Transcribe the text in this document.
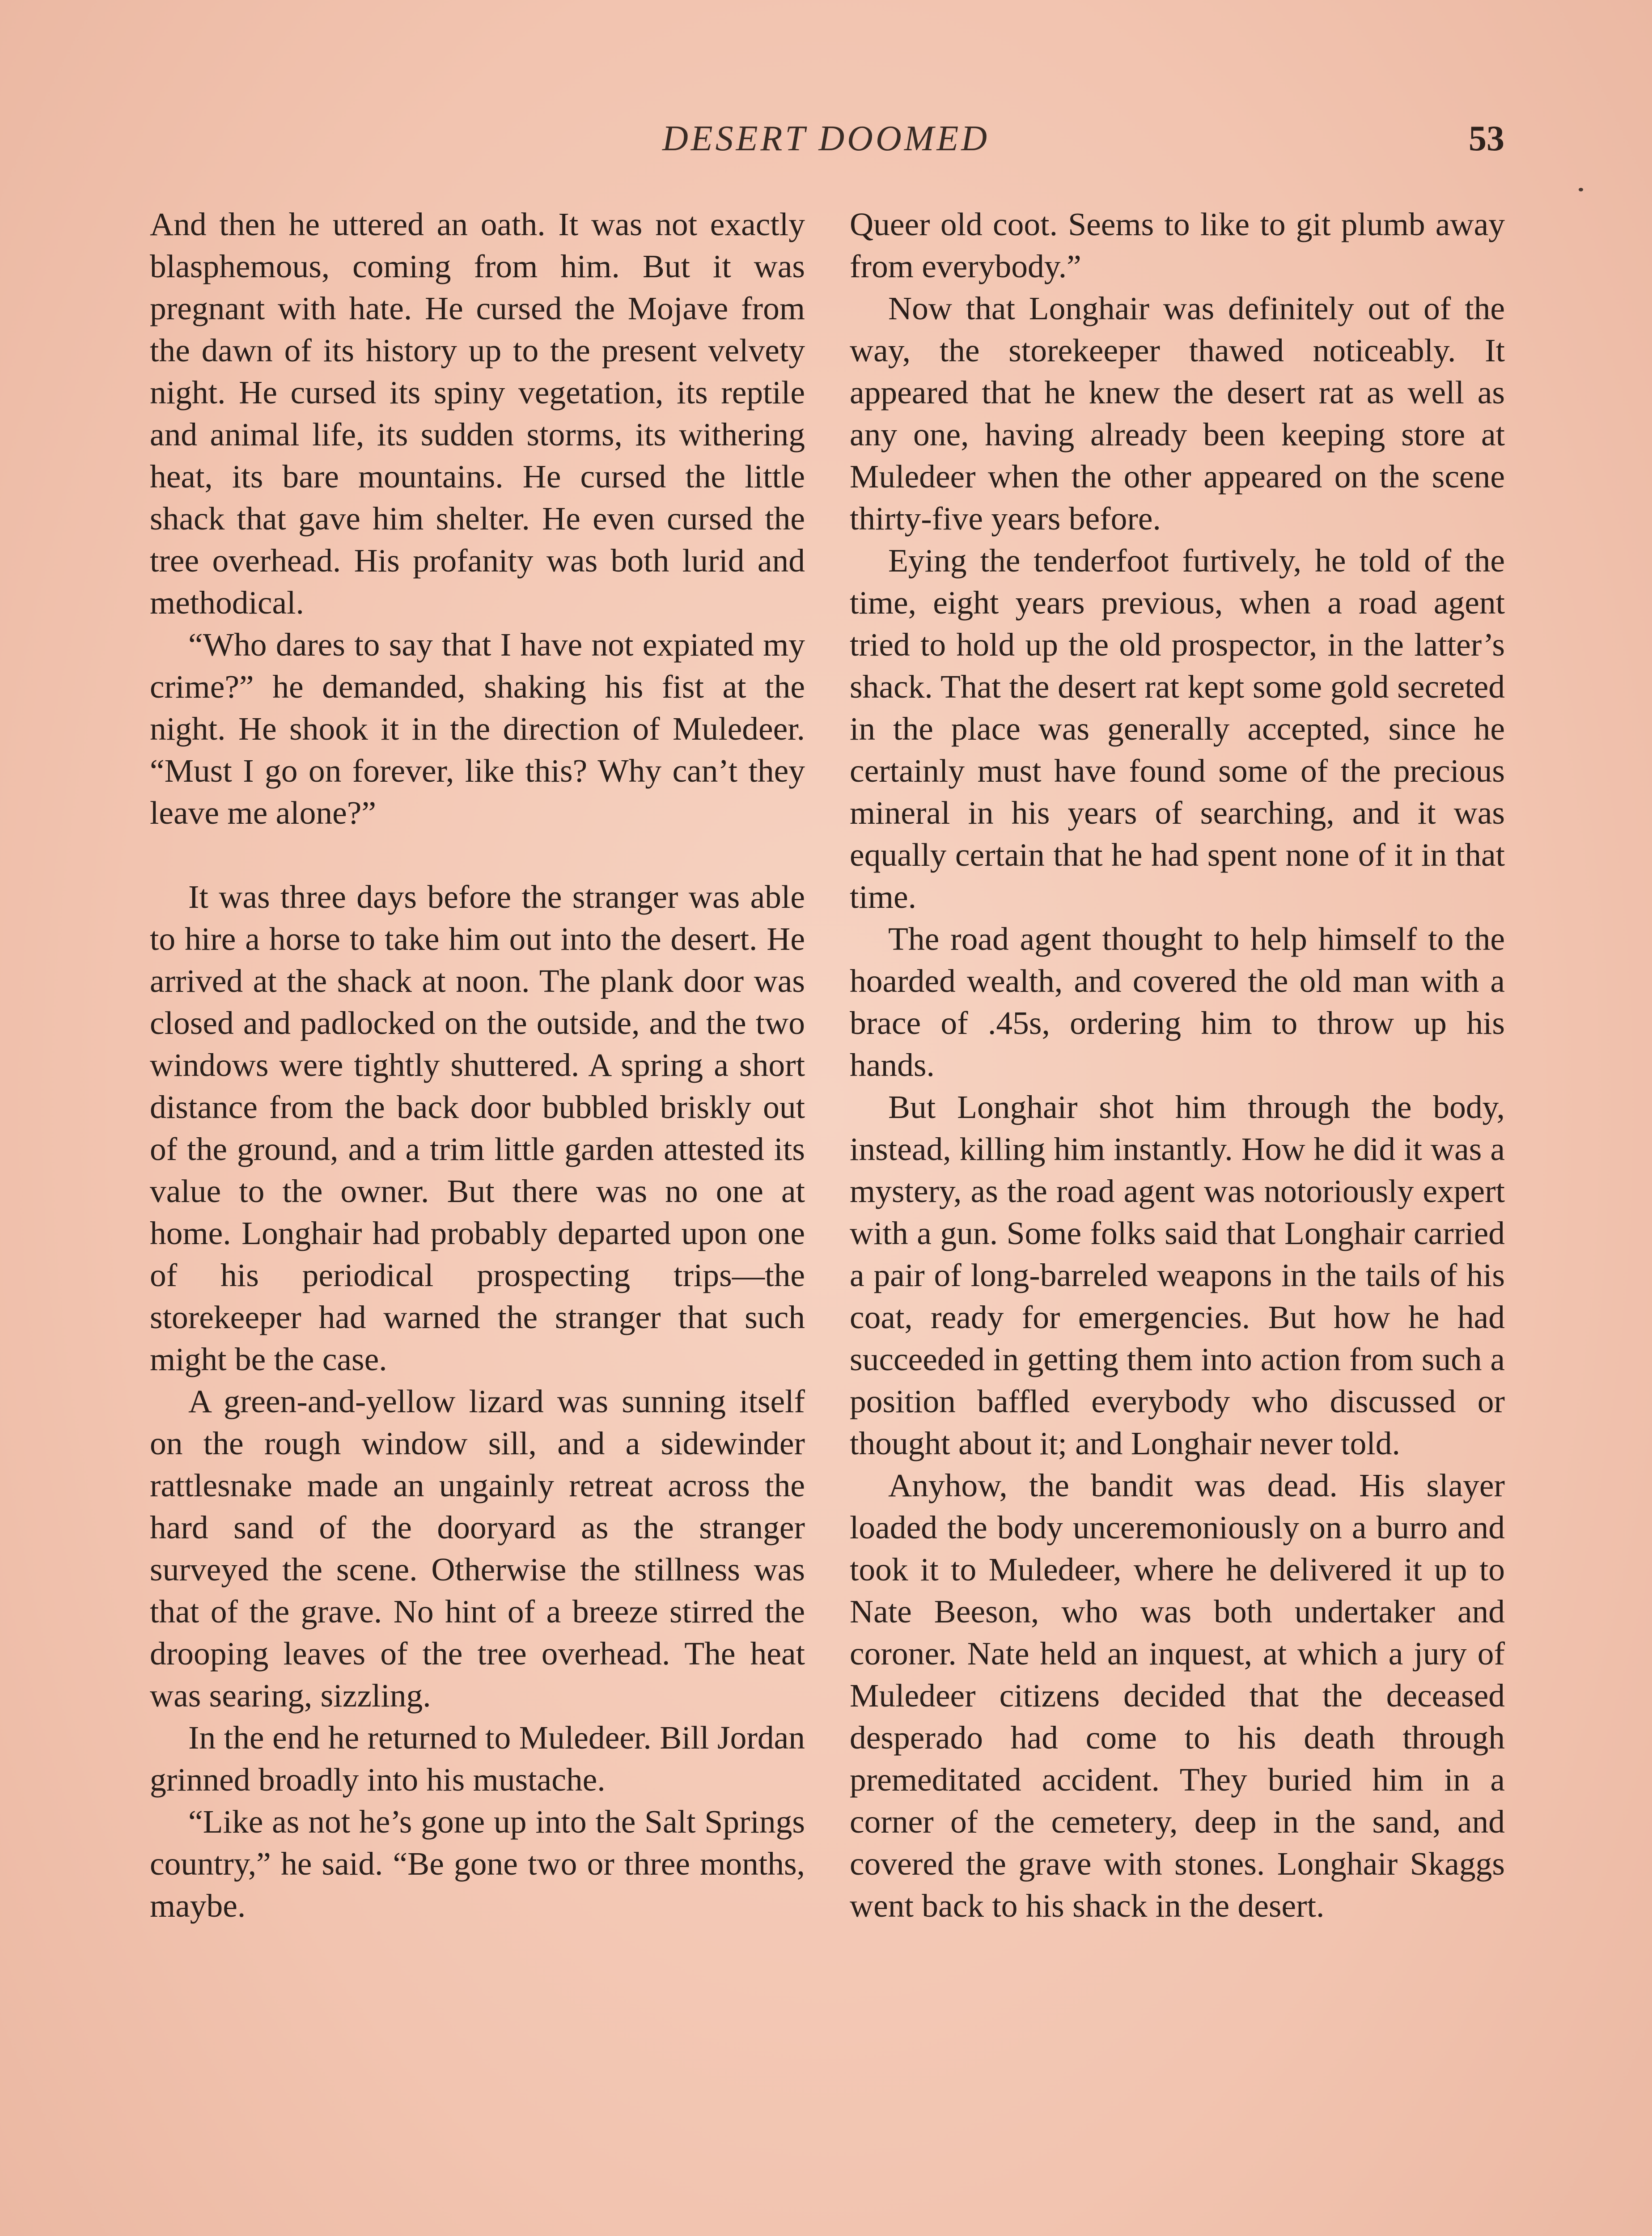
DESERT DOOMED	53

And then he uttered an oath. It was not exactly blasphemous, coming from him. But it was pregnant with hate. He cursed the Mojave from the dawn of its history up to the present velvety night. He cursed its spiny vegetation, its reptile and animal life, its sudden storms, its withering heat, its bare mountains. He cursed the little shack that gave him shelter. He even cursed the tree overhead. His profanity was both lurid and methodical.

“Who dares to say that I have not expiated my crime?” he demanded, shaking his fist at the night. He shook it in the direction of Muledeer. “Must I go on forever, like this? Why can’t they leave me alone?”

It was three days before the stranger was able to hire a horse to take him out into the desert. He arrived at the shack at noon. The plank door was closed and padlocked on the outside, and the two windows were tightly shuttered. A spring a short distance from the back door bubbled briskly out of the ground, and a trim little garden attested its value to the owner. But there was no one at home. Longhair had probably departed upon one of his periodical prospecting trips—the storekeeper had warned the stranger that such might be the case.

A green-and-yellow lizard was sunning itself on the rough window sill, and a sidewinder rattlesnake made an ungainly retreat across the hard sand of the dooryard as the stranger surveyed the scene. Otherwise the stillness was that of the grave. No hint of a breeze stirred the drooping leaves of the tree overhead. The heat was searing, sizzling.

In the end he returned to Muledeer. Bill Jordan grinned broadly into his mustache.

“Like as not he’s gone up into the Salt Springs country,” he said. “Be gone two or three months, maybe.

Queer old coot. Seems to like to git plumb away from everybody.”

Now that Longhair was definitely out of the way, the storekeeper thawed noticeably. It appeared that he knew the desert rat as well as any one, having already been keeping store at Muledeer when the other appeared on the scene thirty-five years before.

Eying the tenderfoot furtively, he told of the time, eight years previous, when a road agent tried to hold up the old prospector, in the latter’s shack. That the desert rat kept some gold secreted in the place was generally accepted, since he certainly must have found some of the precious mineral in his years of searching, and it was equally certain that he had spent none of it in that time.

The road agent thought to help himself to the hoarded wealth, and covered the old man with a brace of .45s, ordering him to throw up his hands.

But Longhair shot him through the body, instead, killing him instantly. How he did it was a mystery, as the road agent was notoriously expert with a gun. Some folks said that Longhair carried a pair of long-barreled weapons in the tails of his coat, ready for emergencies. But how he had succeeded in getting them into action from such a position baffled everybody who discussed or thought about it; and Longhair never told.

Anyhow, the bandit was dead. His slayer loaded the body unceremoniously on a burro and took it to Muledeer, where he delivered it up to Nate Beeson, who was both undertaker and coroner. Nate held an inquest, at which a jury of Muledeer citizens decided that the deceased desperado had come to his death through premeditated accident. They buried him in a corner of the cemetery, deep in the sand, and covered the grave with stones. Longhair Skaggs went back to his shack in the desert.
